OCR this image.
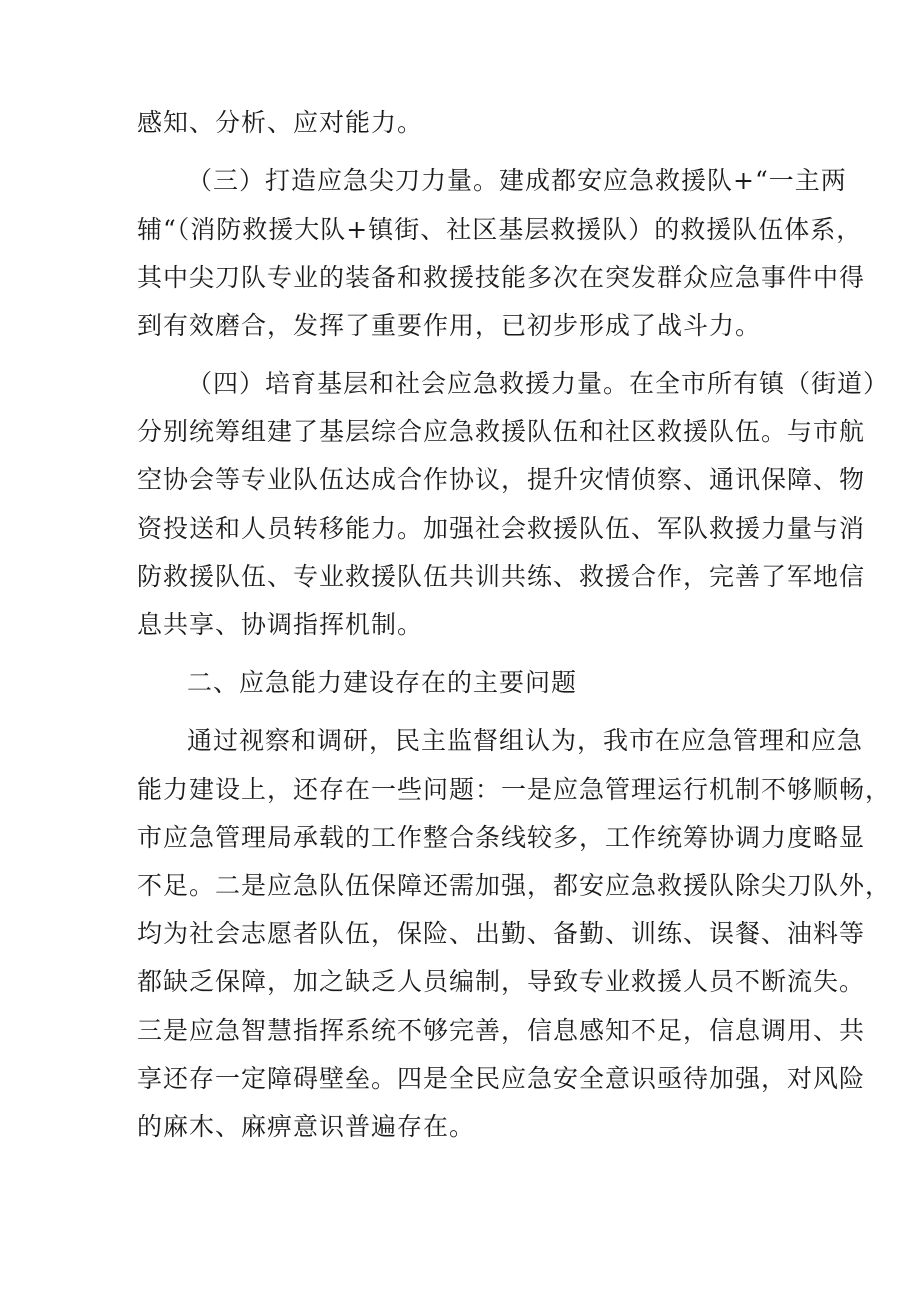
感知、分析、应对能力。
（三）打造应急尖刀力量。建成都安应急救援队+“一主两
辅“（消防救援大队+镇街、社区基层救援队）的救援队伍体系，
其中尖刀队专业的装备和救援技能多次在突发群众应急事件中得
到有效磨合，发挥了重要作用，已初步形成了战斗力。
（四）培育基层和社会应急救援力量。在全市所有镇（街道）
分别统筹组建了基层综合应急救援队伍和社区救援队伍。与市航
空协会等专业队伍达成合作协议，提升灾情侦察、通讯保障、物
资投送和人员转移能力。加强社会救援队伍、军队救援力量与消
防救援队伍、专业救援队伍共训共练、救援合作，完善了军地信
息共享、协调指挥机制。
二、应急能力建设存在的主要问题
通过视察和调研，民主监督组认为，我市在应急管理和应急
能力建设上，还存在一些问题：一是应急管理运行机制不够顺畅，
市应急管理局承载的工作整合条线较多，工作统筹协调力度略显
不足。二是应急队伍保障还需加强，都安应急救援队除尖刀队外，
均为社会志愿者队伍，保险、出勤、备勤、训练、误餐、油料等
都缺乏保障，加之缺乏人员编制，导致专业救援人员不断流失。
三是应急智慧指挥系统不够完善，信息感知不足，信息调用、共
享还存一定障碍壁垒。四是全民应急安全意识亟待加强，对风险
的麻木、麻痹意识普遍存在。
